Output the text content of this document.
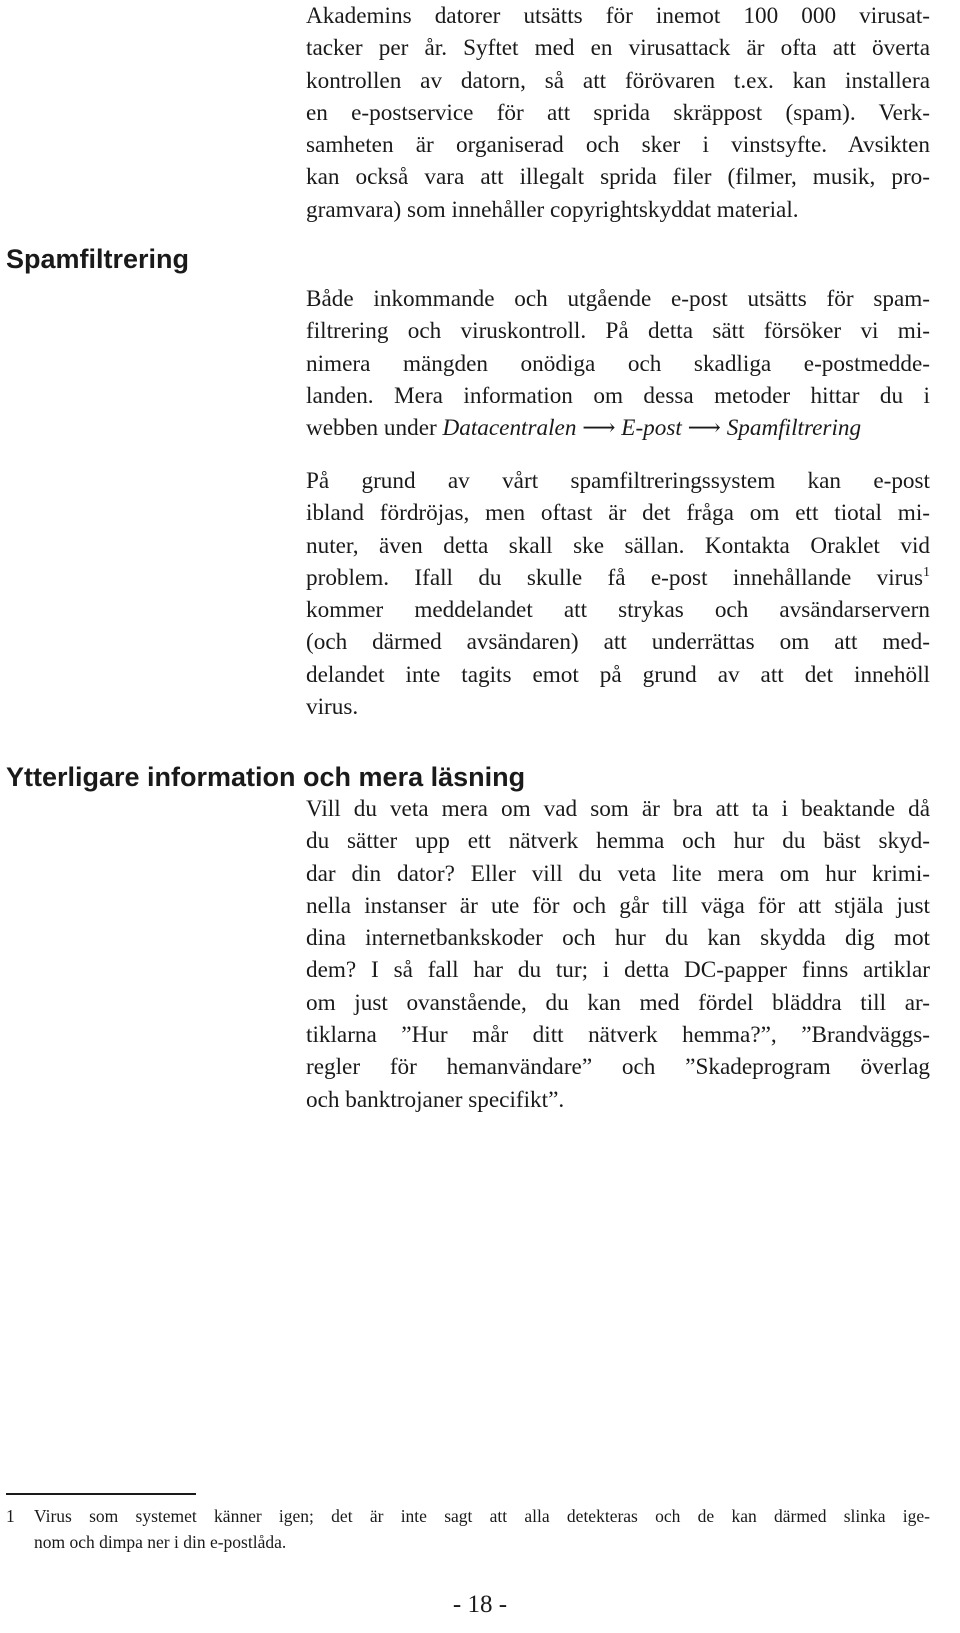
Akademins datorer utsätts för inemot 100 000 virusat-
tacker per år. Syftet med en virusattack är ofta att överta
kontrollen av datorn, så att förövaren t.ex. kan installera
en e-postservice för att sprida skräppost (spam). Verk-
samheten är organiserad och sker i vinstsyfte. Avsikten
kan också vara att illegalt sprida filer (filmer, musik, pro-
gramvara) som innehåller copyrightskyddat material.
Spamfiltrering
Både inkommande och utgående e-post utsätts för spam-
filtrering och viruskontroll. På detta sätt försöker vi mi-
nimera mängden onödiga och skadliga e-postmedde-
landen. Mera information om dessa metoder hittar du i
webben under Datacentralen ⟶ E-post ⟶ Spamfiltrering
På grund av vårt spamfiltreringssystem kan e-post
ibland fördröjas, men oftast är det fråga om ett tiotal mi-
nuter, även detta skall ske sällan. Kontakta Oraklet vid
problem. Ifall du skulle få e-post innehållande virus$^1$
kommer meddelandet att strykas och avsändarservern
(och därmed avsändaren) att underrättas om att med-
delandet inte tagits emot på grund av att det innehöll
virus.
Ytterligare information och mera läsning
Vill du veta mera om vad som är bra att ta i beaktande då
du sätter upp ett nätverk hemma och hur du bäst skyd-
dar din dator? Eller vill du veta lite mera om hur krimi-
nella instanser är ute för och går till väga för att stjäla just
dina internetbankskoder och hur du kan skydda dig mot
dem? I så fall har du tur; i detta DC-papper finns artiklar
om just ovanstående, du kan med fördel bläddra till ar-
tiklarna ”Hur mår ditt nätverk hemma?”, ”Brandväggs-
regler för hemanvändare” och ”Skadeprogram överlag
och banktrojaner specifikt”.
1 Virus som systemet känner igen; det är inte sagt att alla detekteras och de kan därmed slinka ige-
nom och dimpa ner i din e-postlåda.
- 18 -
